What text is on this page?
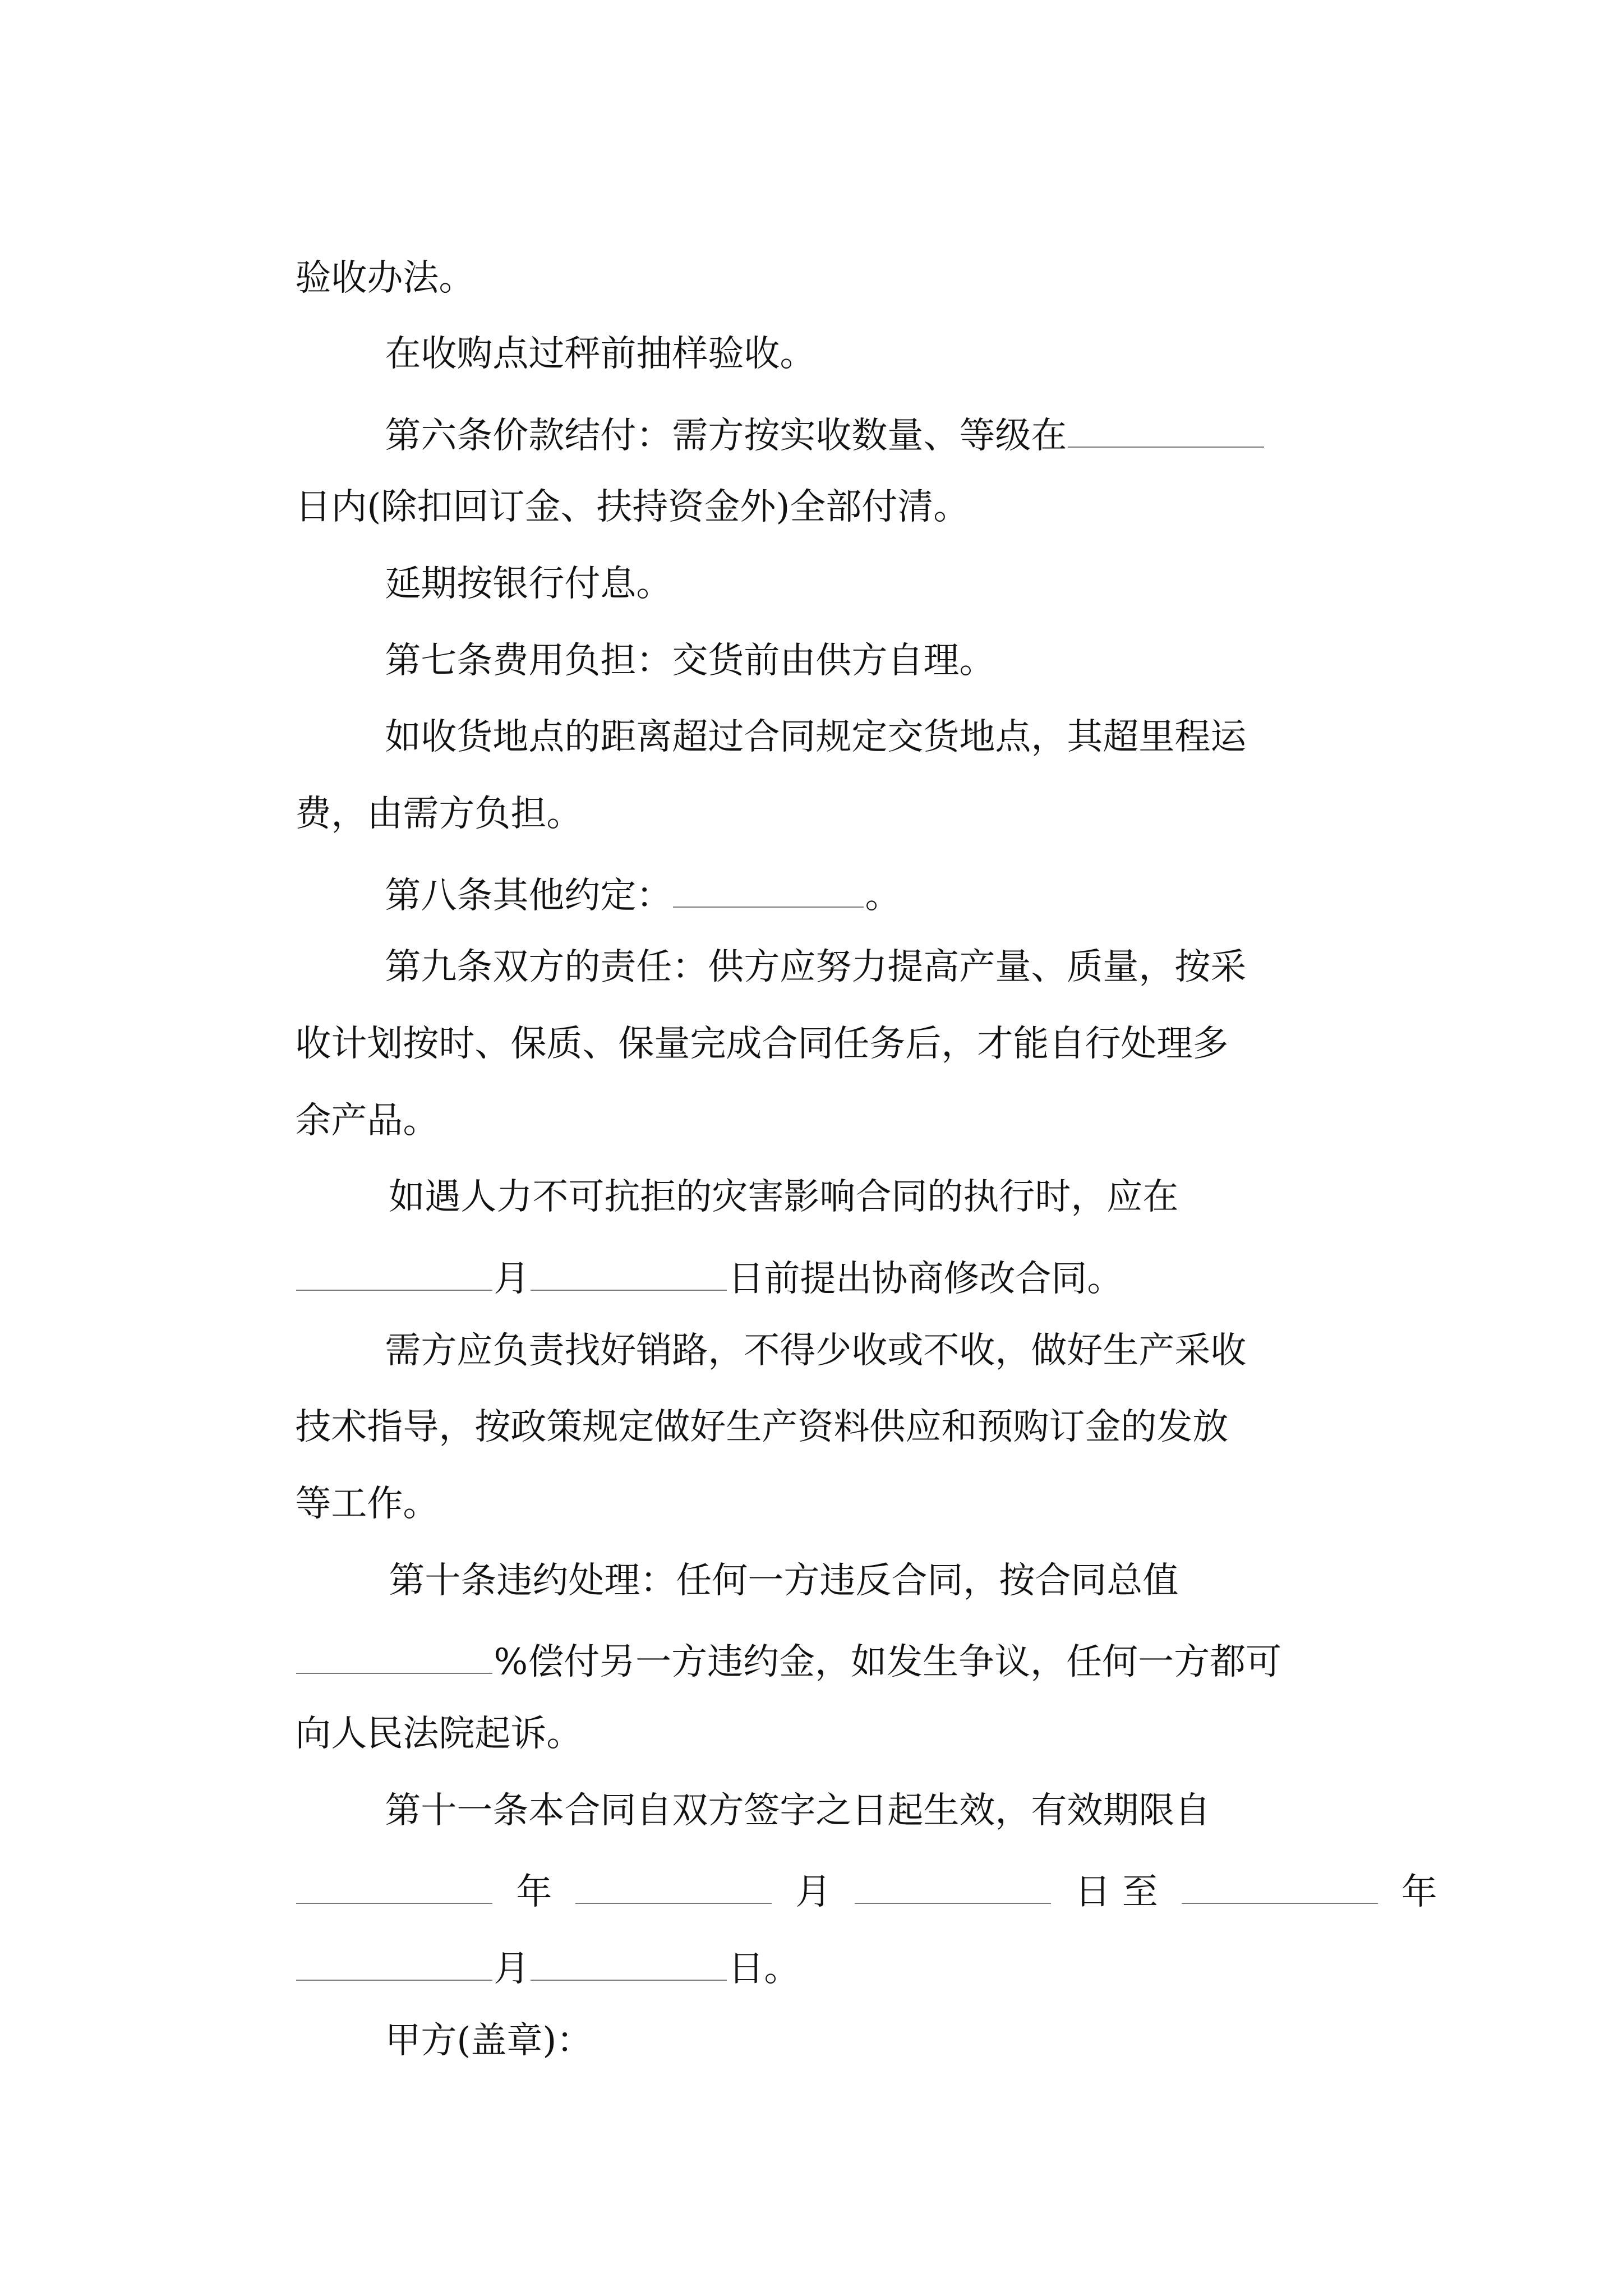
验收办法。

在收购点过秤前抽样验收。

第六条价款结付：需方按实收数量、等级在

日内(除扣回订金、扶持资金外)全部付清。

延期按银行付息。

第七条费用负担：交货前由供方自理。

如收货地点的距离超过合同规定交货地点，其超里程运

费，由需方负担。

第八条其他约定：	。

第九条双方的责任：供方应努力提高产量、质量，按采

收计划按时、保质、保量完成合同任务后，才能自行处理多

余产品。

如遇人力不可抗拒的灾害影响合同的执行时，应在

月	日前提出协商修改合同。

需方应负责找好销路，不得少收或不收，做好生产采收

技术指导，按政策规定做好生产资料供应和预购订金的发放

等工作。

第十条违约处理：任何一方违反合同，按合同总值

%偿付另一方违约金，如发生争议，任何一方都可

向人民法院起诉。

第十一条本合同自双方签字之日起生效，有效期限自

年	月	日 至	年

月	日。

甲方(盖章)：
